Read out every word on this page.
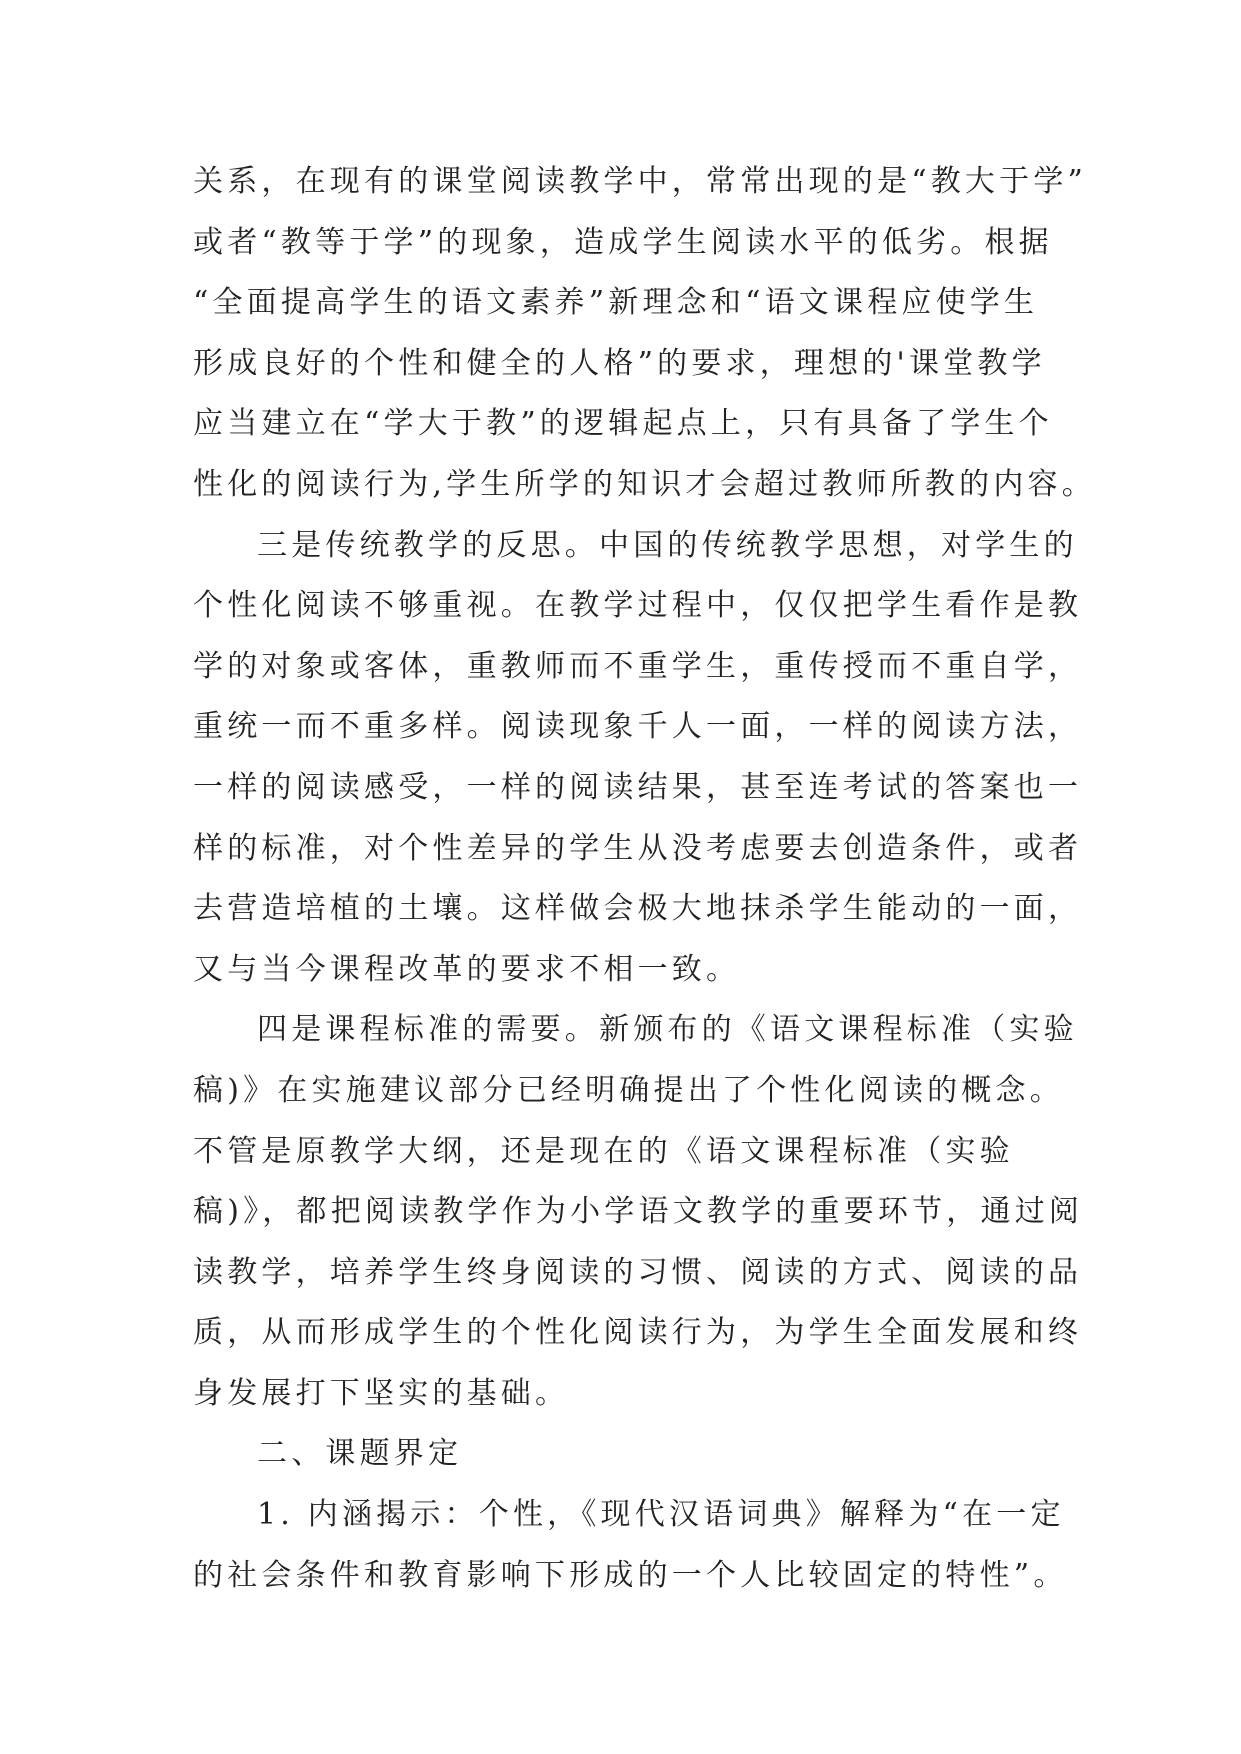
关系，在现有的课堂阅读教学中，常常出现的是“教大于学”
或者“教等于学”的现象，造成学生阅读水平的低劣。根据
“全面提高学生的语文素养”新理念和“语文课程应使学生
形成良好的个性和健全的人格”的要求，理想的'课堂教学
应当建立在“学大于教”的逻辑起点上，只有具备了学生个
性化的阅读行为,学生所学的知识才会超过教师所教的内容。
三是传统教学的反思。中国的传统教学思想，对学生的
个性化阅读不够重视。在教学过程中，仅仅把学生看作是教
学的对象或客体，重教师而不重学生，重传授而不重自学，
重统一而不重多样。阅读现象千人一面，一样的阅读方法，
一样的阅读感受，一样的阅读结果，甚至连考试的答案也一
样的标准，对个性差异的学生从没考虑要去创造条件，或者
去营造培植的土壤。这样做会极大地抹杀学生能动的一面，
又与当今课程改革的要求不相一致。
四是课程标准的需要。新颁布的《语文课程标准（实验
稿)》在实施建议部分已经明确提出了个性化阅读的概念。
不管是原教学大纲，还是现在的《语文课程标准（实验
稿)》，都把阅读教学作为小学语文教学的重要环节，通过阅
读教学，培养学生终身阅读的习惯、阅读的方式、阅读的品
质，从而形成学生的个性化阅读行为，为学生全面发展和终
身发展打下坚实的基础。
二、课题界定
1. 内涵揭示：个性，《现代汉语词典》解释为“在一定
的社会条件和教育影响下形成的一个人比较固定的特性”。
